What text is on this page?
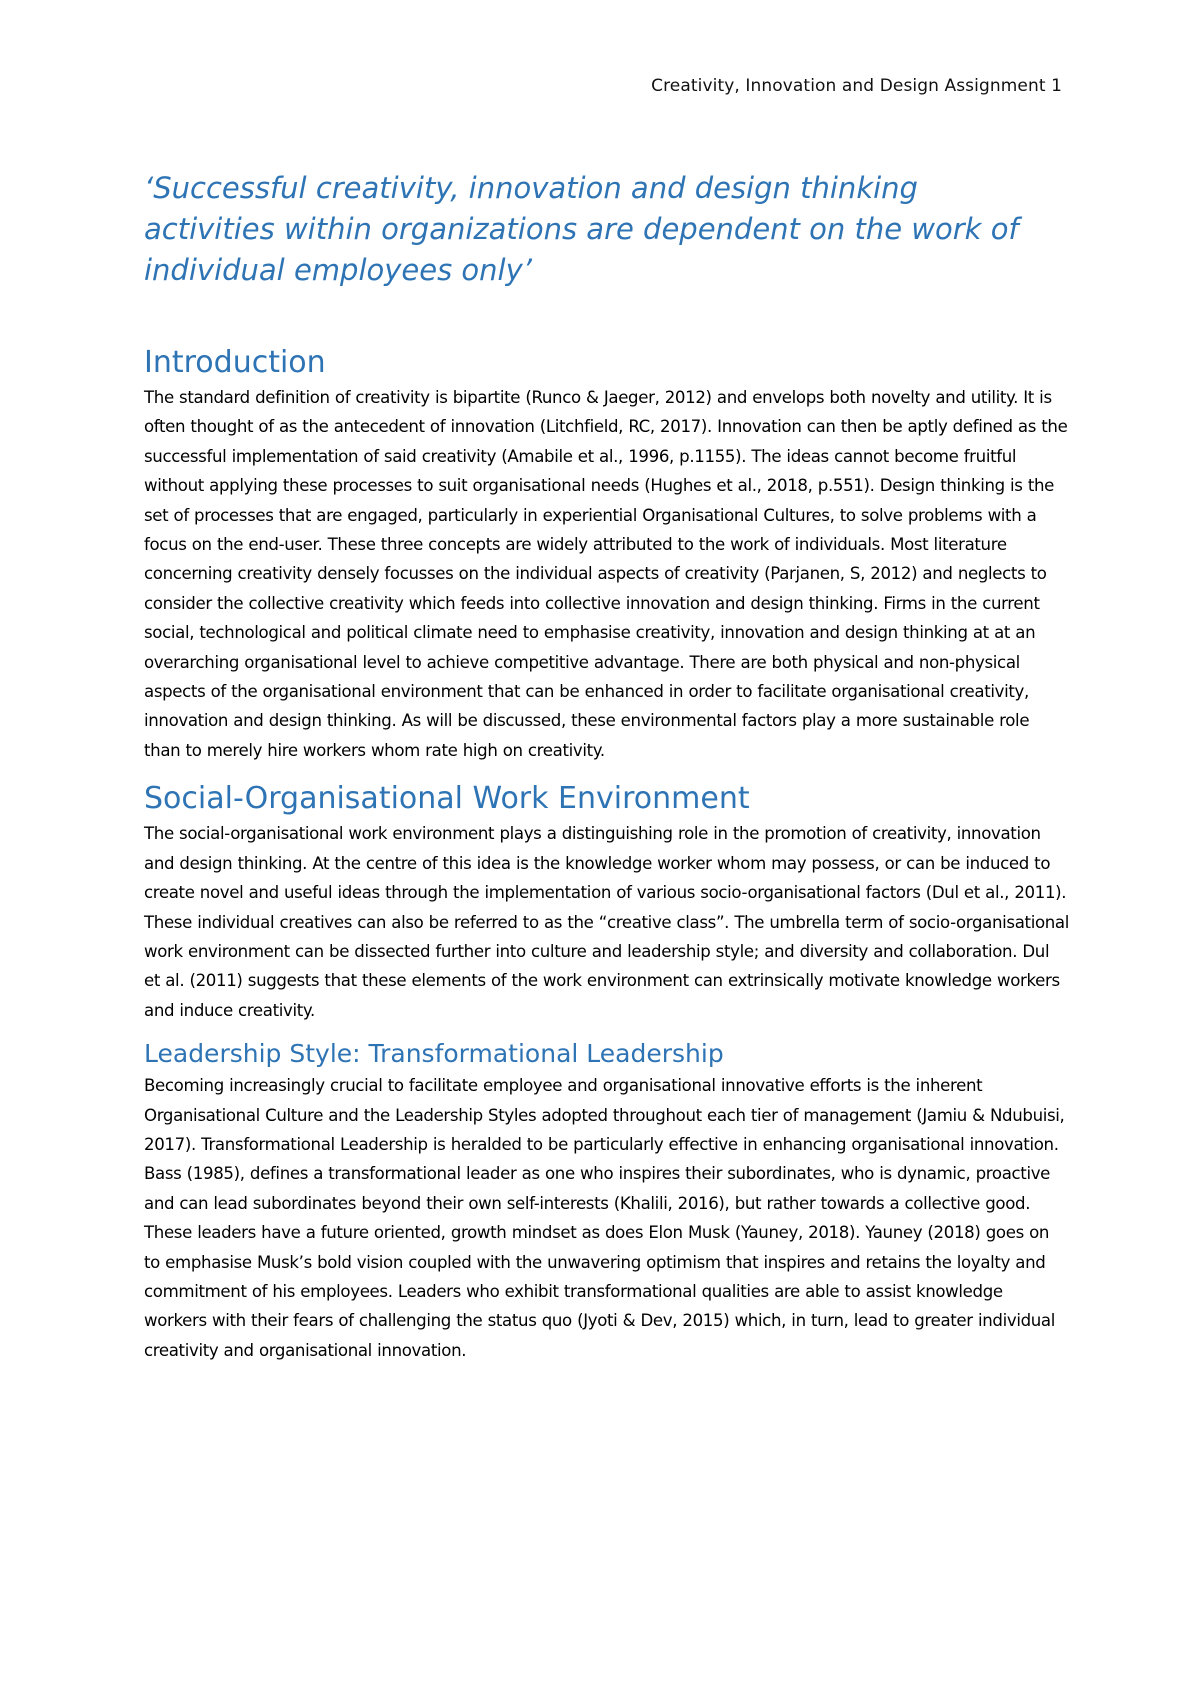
Creativity, Innovation and Design Assignment 1
‘Successful creativity, innovation and design thinking activities within organizations are dependent on the work of individual employees only’
Introduction

The standard definition of creativity is bipartite (Runco & Jaeger, 2012) and envelops both novelty and utility. It is often thought of as the antecedent of innovation (Litchfield, RC, 2017). Innovation can then be aptly defined as the successful implementation of said creativity (Amabile et al., 1996, p.1155). The ideas cannot become fruitful without applying these processes to suit organisational needs (Hughes et al., 2018, p.551). Design thinking is the set of processes that are engaged, particularly in experiential Organisational Cultures, to solve problems with a focus on the end-user. These three concepts are widely attributed to the work of individuals. Most literature concerning creativity densely focusses on the individual aspects of creativity (Parjanen, S, 2012) and neglects to consider the collective creativity which feeds into collective innovation and design thinking. Firms in the current social, technological and political climate need to emphasise creativity, innovation and design thinking at at an overarching organisational level to achieve competitive advantage. There are both physical and non-physical aspects of the organisational environment that can be enhanced in order to facilitate organisational creativity, innovation and design thinking. As will be discussed, these environmental factors play a more sustainable role than to merely hire workers whom rate high on creativity.

Social-Organisational Work Environment

The social-organisational work environment plays a distinguishing role in the promotion of creativity, innovation and design thinking. At the centre of this idea is the knowledge worker whom may possess, or can be induced to create novel and useful ideas through the implementation of various socio-organisational factors (Dul et al., 2011). These individual creatives can also be referred to as the “creative class”. The umbrella term of socio-organisational work environment can be dissected further into culture and leadership style; and diversity and collaboration. Dul et al. (2011) suggests that these elements of the work environment can extrinsically motivate knowledge workers and induce creativity.

Leadership Style: Transformational Leadership

Becoming increasingly crucial to facilitate employee and organisational innovative efforts is the inherent Organisational Culture and the Leadership Styles adopted throughout each tier of management (Jamiu & Ndubuisi, 2017). Transformational Leadership is heralded to be particularly effective in enhancing organisational innovation. Bass (1985), defines a transformational leader as one who inspires their subordinates, who is dynamic, proactive and can lead subordinates beyond their own self-interests (Khalili, 2016), but rather towards a collective good. These leaders have a future oriented, growth mindset as does Elon Musk (Yauney, 2018). Yauney (2018) goes on to emphasise Musk’s bold vision coupled with the unwavering optimism that inspires and retains the loyalty and commitment of his employees. Leaders who exhibit transformational qualities are able to assist knowledge workers with their fears of challenging the status quo (Jyoti & Dev, 2015) which, in turn, lead to greater individual creativity and organisational innovation.
